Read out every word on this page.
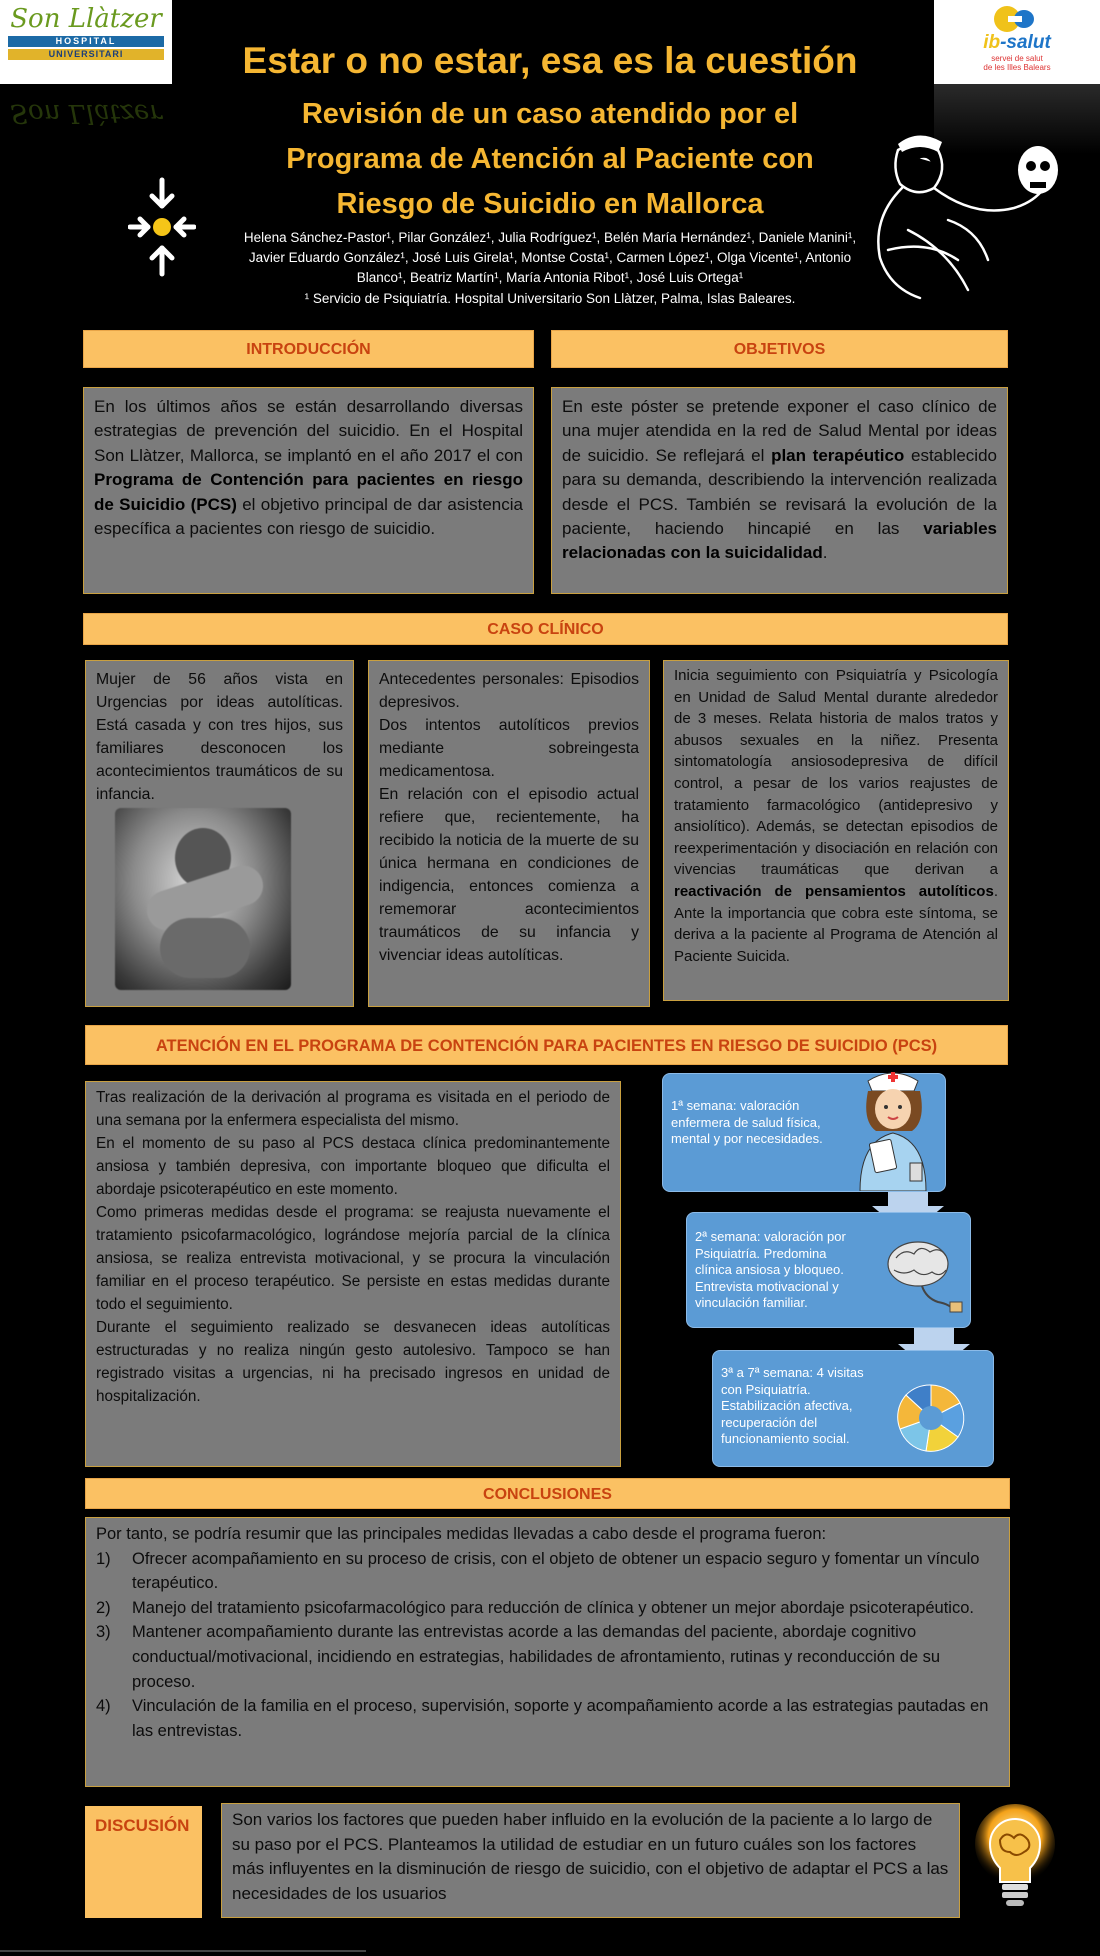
Son Llàtzer
HOSPITAL
UNIVERSITARI
Son Llàtzer
ib-salut
servei de salut
de les Illes Balears
Estar o no estar, esa es la cuestión
Revisión de un caso atendido por el
Programa de Atención al Paciente con
Riesgo de Suicidio en Mallorca
Helena Sánchez-Pastor¹, Pilar González¹, Julia Rodríguez¹, Belén María Hernández¹, Daniele Manini¹, Javier Eduardo González¹, José Luis Girela¹, Montse Costa¹, Carmen López¹, Olga Vicente¹, Antonio Blanco¹, Beatriz Martín¹, María Antonia Ribot¹, José Luis Ortega¹
¹ Servicio de Psiquiatría. Hospital Universitario Son Llàtzer, Palma, Islas Baleares.
INTRODUCCIÓN	OBJETIVOS

En los últimos años se están desarrollando diversas estrategias de prevención del suicidio. En el Hospital Son Llàtzer, Mallorca, se implantó en el año 2017 el con Programa de Contención para pacientes en riesgo de Suicidio (PCS) el objetivo principal de dar asistencia específica a pacientes con riesgo de suicidio.

En este póster se pretende exponer el caso clínico de una mujer atendida en la red de Salud Mental por ideas de suicidio. Se reflejará el plan terapéutico establecido para su demanda, describiendo la intervención realizada desde el PCS. También se revisará la evolución de la paciente, haciendo hincapié en las variables relacionadas con la suicidalidad.

CASO CLÍNICO

Mujer de 56 años vista en Urgencias por ideas autolíticas. Está casada y con tres hijos, sus familiares desconocen los acontecimientos traumáticos de su infancia.

Antecedentes personales: Episodios depresivos.

Dos intentos autolíticos previos mediante sobreingesta medicamentosa.

En relación con el episodio actual refiere que, recientemente, ha recibido la noticia de la muerte de su única hermana en condiciones de indigencia, entonces comienza a rememorar acontecimientos traumáticos de su infancia y vivenciar ideas autolíticas.

Inicia seguimiento con Psiquiatría y Psicología en Unidad de Salud Mental durante alrededor de 3 meses. Relata historia de malos tratos y abusos sexuales en la niñez. Presenta sintomatología ansiosodepresiva de difícil control, a pesar de los varios reajustes de tratamiento farmacológico (antidepresivo y ansiolítico). Además, se detectan episodios de reexperimentación y disociación en relación con vivencias traumáticas que derivan a reactivación de pensamientos autolíticos. Ante la importancia que cobra este síntoma, se deriva a la paciente al Programa de Atención al Paciente Suicida.

ATENCIÓN EN EL PROGRAMA DE CONTENCIÓN PARA PACIENTES EN RIESGO DE SUICIDIO (PCS)

Tras realización de la derivación al programa es visitada en el periodo de una semana por la enfermera especialista del mismo.

En el momento de su paso al PCS destaca clínica predominantemente ansiosa y también depresiva, con importante bloqueo que dificulta el abordaje psicoterapéutico en este momento.

Como primeras medidas desde el programa: se reajusta nuevamente el tratamiento psicofarmacológico, lográndose mejoría parcial de la clínica ansiosa, se realiza entrevista motivacional, y se procura la vinculación familiar en el proceso terapéutico. Se persiste en estas medidas durante todo el seguimiento.

Durante el seguimiento realizado se desvanecen ideas autolíticas estructuradas y no realiza ningún gesto autolesivo. Tampoco se han registrado visitas a urgencias, ni ha precisado ingresos en unidad de hospitalización.

1ª semana: valoración enfermera de salud física, mental y por necesidades.
2ª semana: valoración por Psiquiatría. Predomina clínica ansiosa y bloqueo. Entrevista motivacional y vinculación familiar.
3ª a 7ª semana: 4 visitas con Psiquiatría. Estabilización afectiva, recuperación del funcionamiento social.
CONCLUSIONES
Por tanto, se podría resumir que las principales medidas llevadas a cabo desde el programa fueron:
1) Ofrecer acompañamiento en su proceso de crisis, con el objeto de obtener un espacio seguro y fomentar un vínculo terapéutico.
2) Manejo del tratamiento psicofarmacológico para reducción de clínica y obtener un mejor abordaje psicoterapéutico.
3) Mantener acompañamiento durante las entrevistas acorde a las demandas del paciente, abordaje cognitivo conductual/motivacional, incidiendo en estrategias, habilidades de afrontamiento, rutinas y reconducción de su proceso.
4) Vinculación de la familia en el proceso, supervisión, soporte y acompañamiento acorde a las estrategias pautadas en las entrevistas.
DISCUSIÓN	Son varios los factores que pueden haber influido en la evolución de la paciente a lo largo de su paso por el PCS. Planteamos la utilidad de estudiar en un futuro cuáles son los factores más influyentes en la disminución de riesgo de suicidio, con el objetivo de adaptar el PCS a las necesidades de los usuarios
